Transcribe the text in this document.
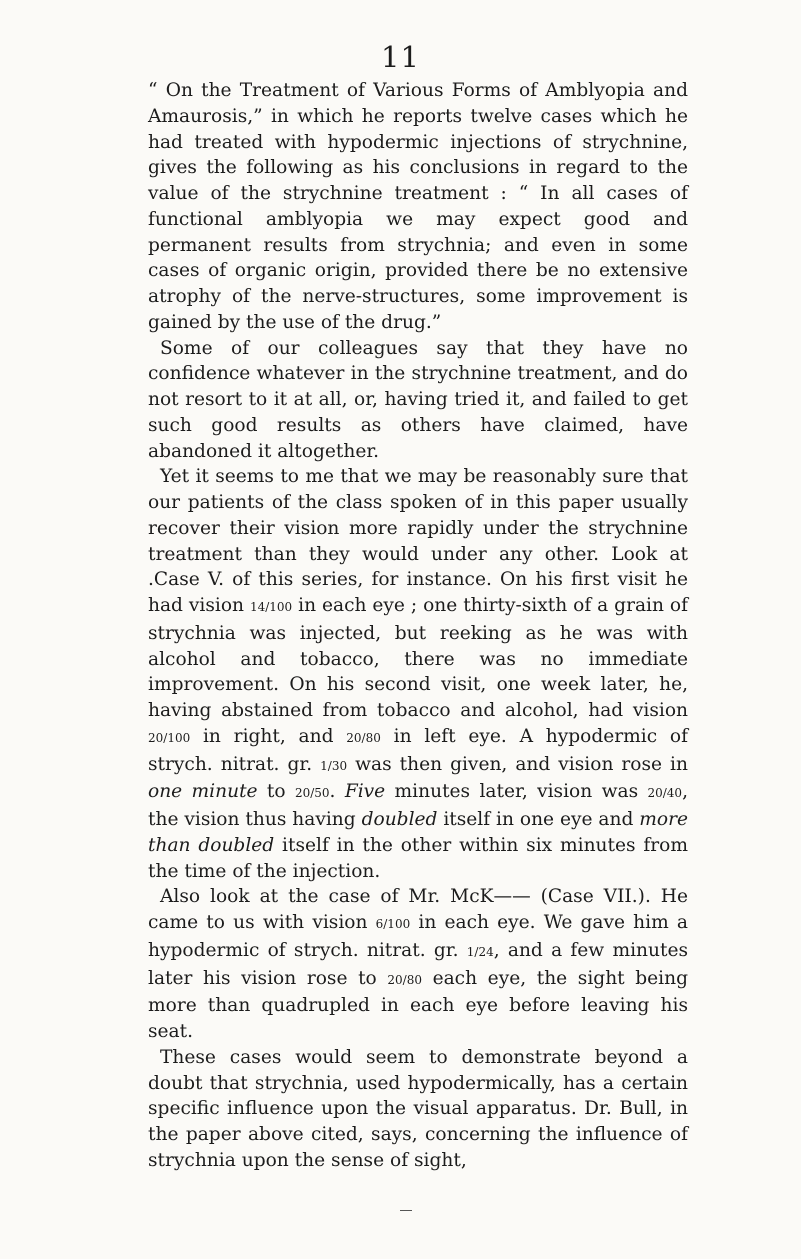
11

“ On the Treatment of Various Forms of Amblyopia and Amaurosis,” in which he reports twelve cases which he had treated with hypodermic injections of strychnine, gives the following as his conclusions in regard to the value of the strychnine treatment : “ In all cases of functional amblyopia we may expect good and permanent results from strychnia; and even in some cases of organic origin, provided there be no extensive atrophy of the nerve-structures, some improvement is gained by the use of the drug.”

Some of our colleagues say that they have no confidence whatever in the strychnine treatment, and do not resort to it at all, or, having tried it, and failed to get such good results as others have claimed, have abandoned it altogether.

Yet it seems to me that we may be reasonably sure that our patients of the class spoken of in this paper usually recover their vision more rapidly under the strychnine treatment than they would under any other. Look at .Case V. of this series, for instance. On his first visit he had vision 14/100 in each eye ; one thirty-sixth of a grain of strychnia was injected, but reeking as he was with alcohol and tobacco, there was no immediate improvement. On his second visit, one week later, he, having abstained from tobacco and alcohol, had vision 20/100 in right, and 20/80 in left eye. A hypodermic of strych. nitrat. gr. 1/30 was then given, and vision rose in one minute to 20/50. Five minutes later, vision was 20/40, the vision thus having doubled itself in one eye and more than doubled itself in the other within six minutes from the time of the injection.

Also look at the case of Mr. McK—— (Case VII.). He came to us with vision 6/100 in each eye. We gave him a hypodermic of strych. nitrat. gr. 1/24, and a few minutes later his vision rose to 20/80 each eye, the sight being more than quadrupled in each eye before leaving his seat.

These cases would seem to demonstrate beyond a doubt that strychnia, used hypodermically, has a certain specific influence upon the visual apparatus. Dr. Bull, in the paper above cited, says, concerning the influence of strychnia upon the sense of sight,
